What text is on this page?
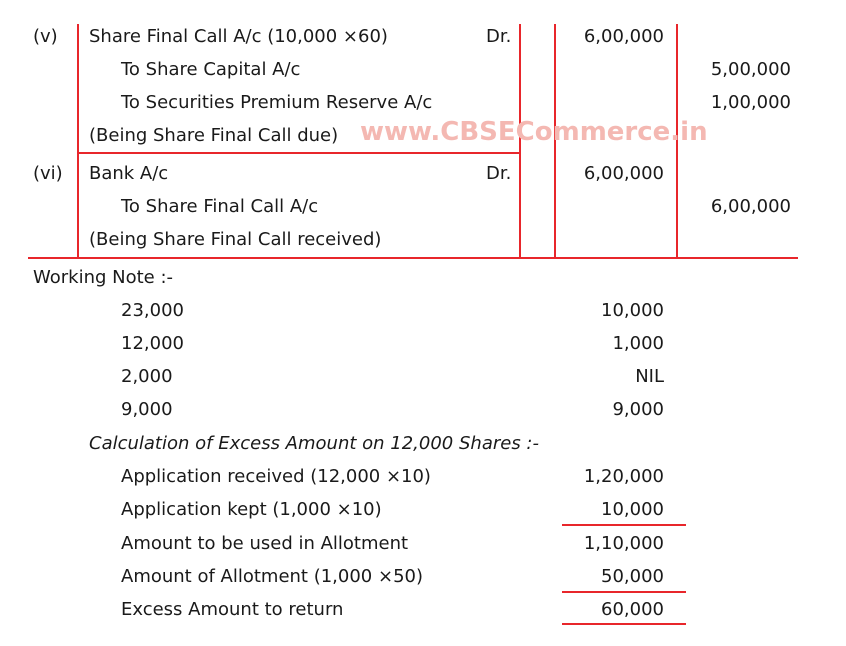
(v) Share Final Call A/c (10,000 ×60)	Dr.	6,00,000
To Share Capital A/c	5,00,000
To Securities Premium Reserve A/c	1,00,000
(Being Share Final Call due) www.CBSECommerce.in
(vi) Bank A/c	Dr.	6,00,000
To Share Final Call A/c	6,00,000
(Being Share Final Call received)
Working Note :-
23,000	10,000
12,000	1,000
2,000	NIL
9,000	9,000
Calculation of Excess Amount on 12,000 Shares :-
Application received (12,000 ×10)	1,20,000
Application kept (1,000 ×10)	10,000
Amount to be used in Allotment	1,10,000
Amount of Allotment (1,000 ×50)	50,000
Excess Amount to return	60,000
